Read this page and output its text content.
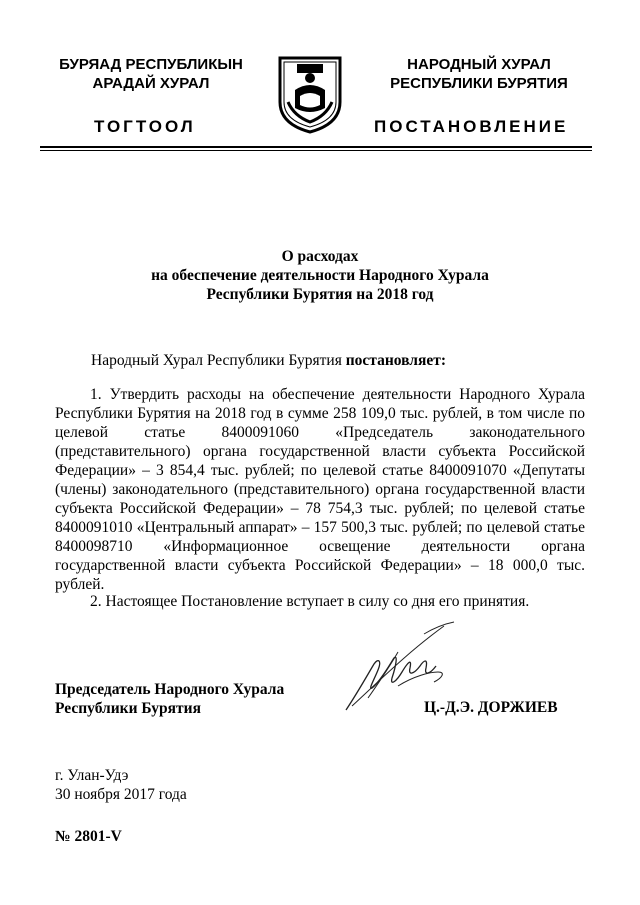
БУРЯАД РЕСПУБЛИКЫН
АРАДАЙ ХУРАЛ
НАРОДНЫЙ ХУРАЛ
РЕСПУБЛИКИ БУРЯТИЯ
ТОГТООЛ	ПОСТАНОВЛЕНИЕ
О расходах
на обеспечение деятельности Народного Хурала
Республики Бурятия на 2018 год
Народный Хурал Республики Бурятия постановляет:
1. Утвердить расходы на обеспечение деятельности Народного Хурала Республики Бурятия на 2018 год в сумме 258 109,0 тыс. рублей, в том числе по целевой статье 8400091060 «Председатель законодательного (представительного) органа государственной власти субъекта Российской Федерации» – 3 854,4 тыс. рублей; по целевой статье 8400091070 «Депутаты (члены) законодательного (представительного) органа государственной власти субъекта Российской Федерации» – 78 754,3 тыс. рублей; по целевой статье 8400091010 «Центральный аппарат» – 157 500,3 тыс. рублей; по целевой статье 8400098710 «Информационное освещение деятельности органа государственной власти субъекта Российской Федерации» – 18 000,0 тыс. рублей.
2. Настоящее Постановление вступает в силу со дня его принятия.
Председатель Народного Хурала
Республики Бурятия	Ц.-Д.Э. ДОРЖИЕВ
г. Улан-Удэ
30 ноября 2017 года
№ 2801-V
